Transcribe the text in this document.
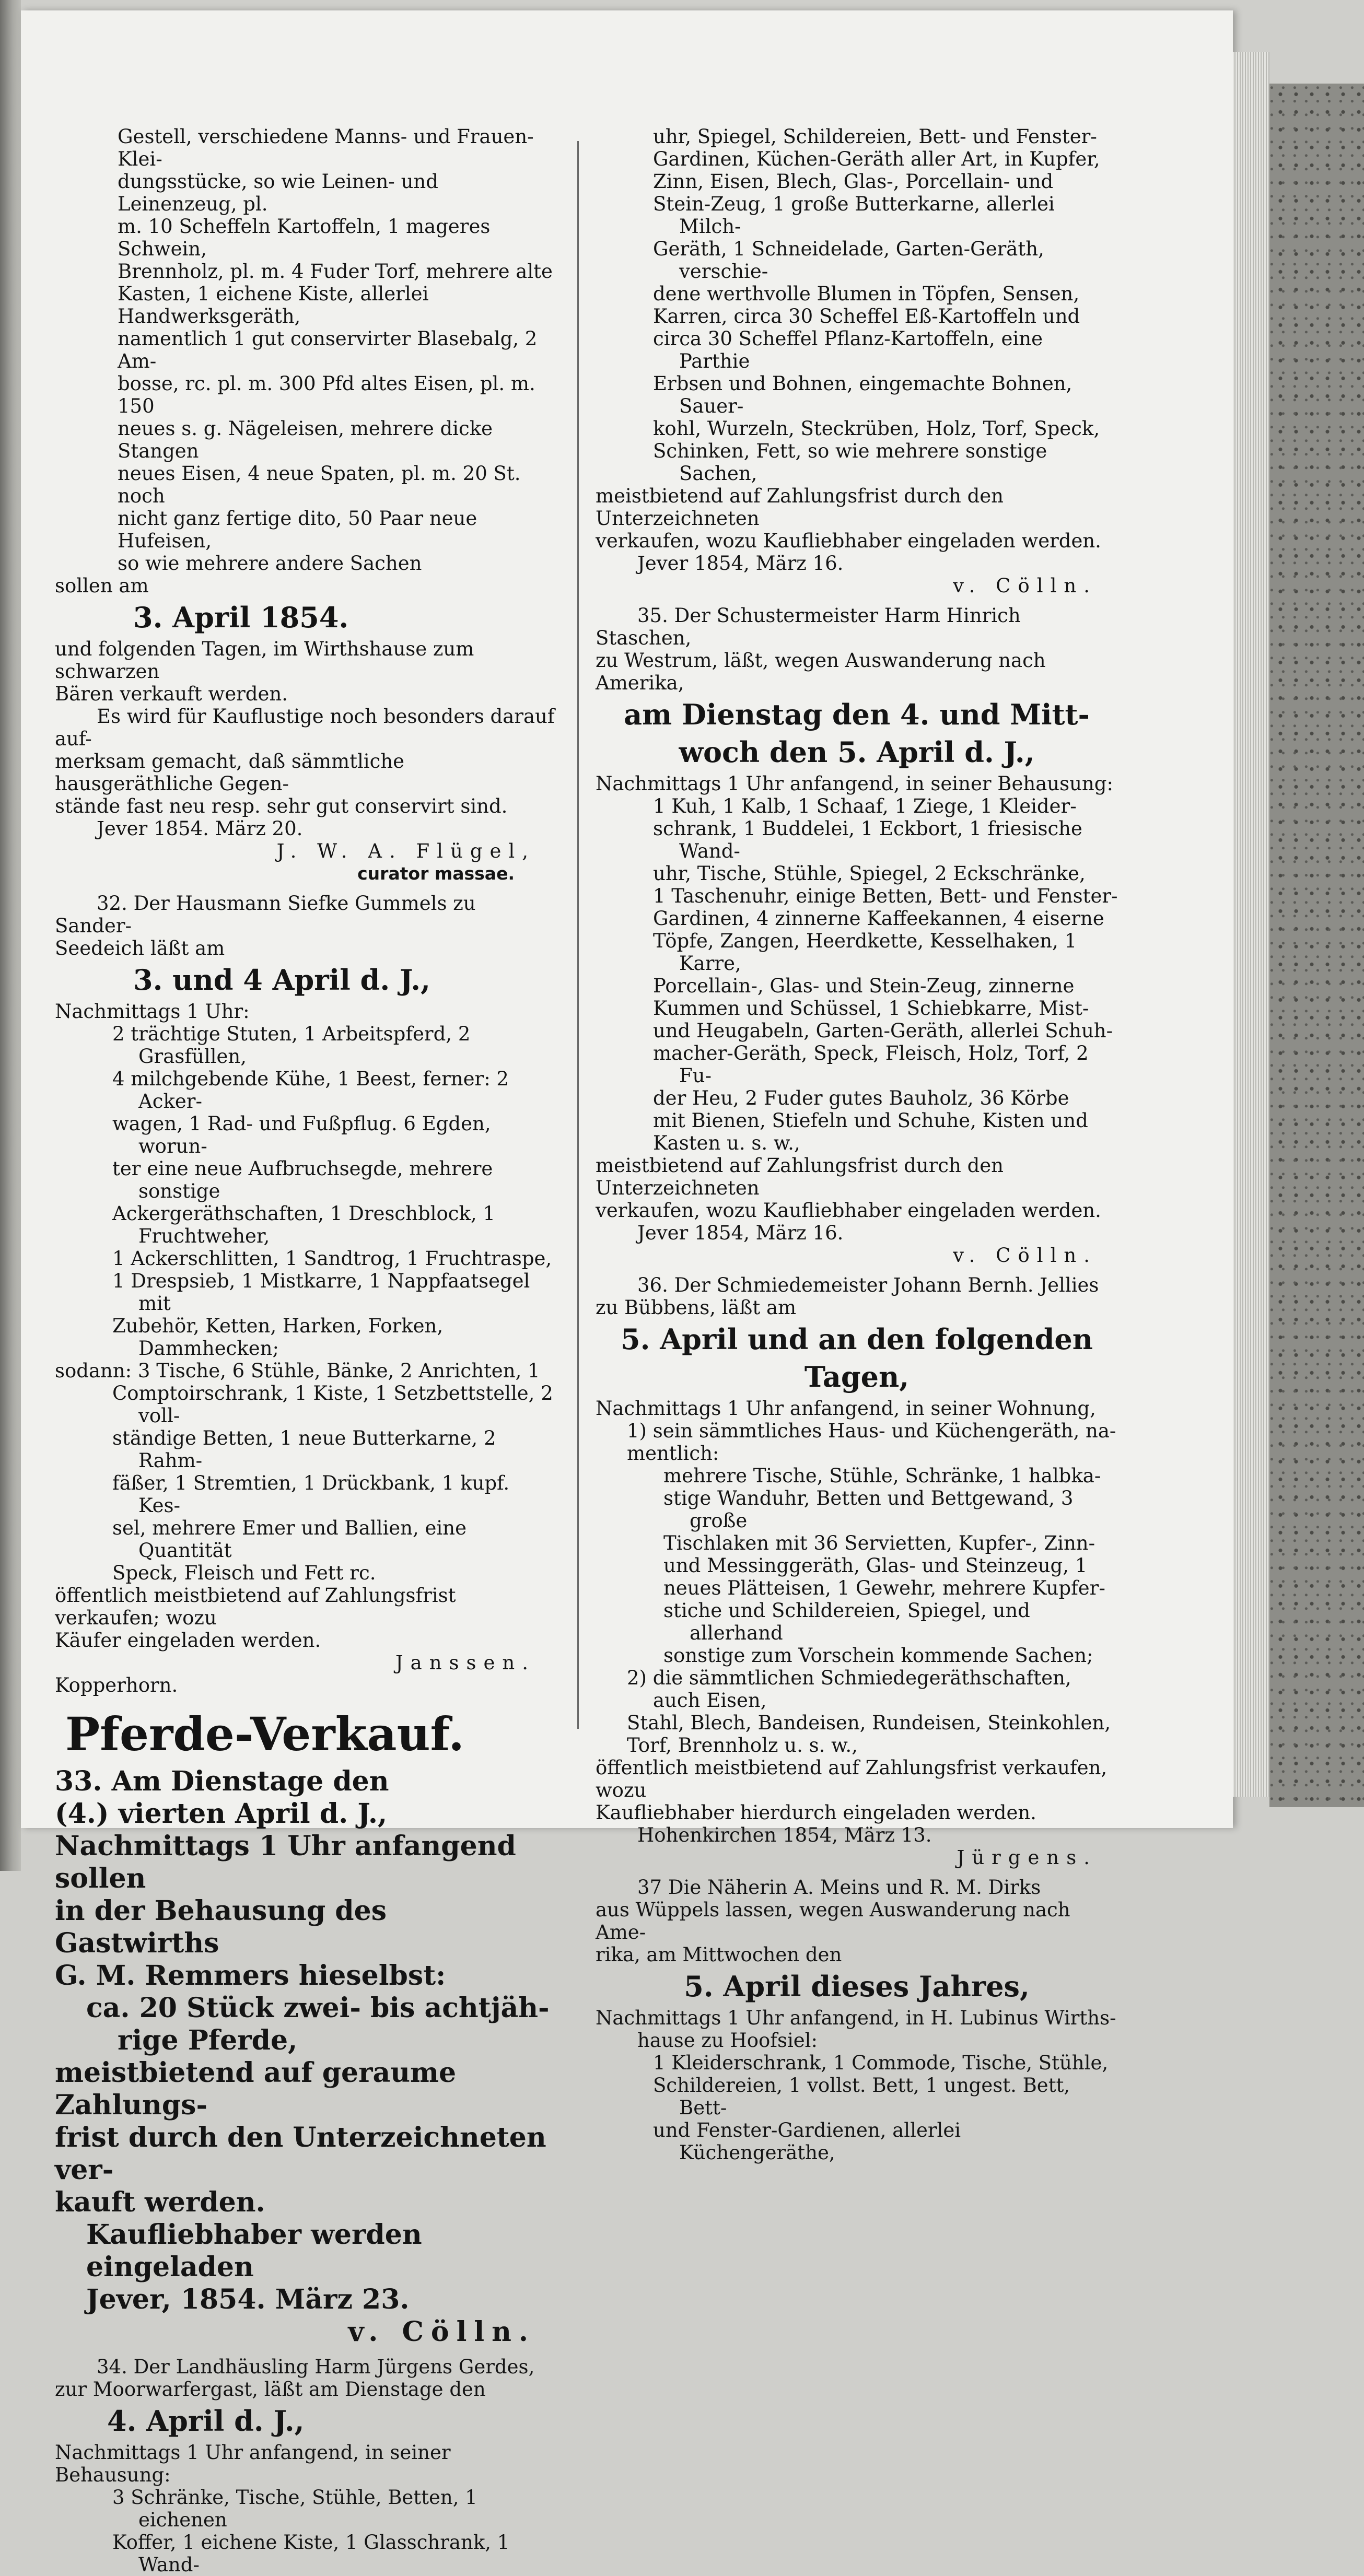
Gestell, verschiedene Manns- und Frauen-Klei-

dungsstücke, so wie Leinen- und Leinenzeug, pl.

m. 10 Scheffeln Kartoffeln, 1 mageres Schwein,

Brennholz, pl. m. 4 Fuder Torf, mehrere alte

Kasten, 1 eichene Kiste, allerlei Handwerksgeräth,

namentlich 1 gut conservirter Blasebalg, 2 Am-

bosse, rc. pl. m. 300 Pfd altes Eisen, pl. m. 150

neues s. g. Nägeleisen, mehrere dicke Stangen

neues Eisen, 4 neue Spaten, pl. m. 20 St. noch

nicht ganz fertige dito, 50 Paar neue Hufeisen,

so wie mehrere andere Sachen

sollen am

3. April 1854.

und folgenden Tagen, im Wirthshause zum schwarzen

Bären verkauft werden.

Es wird für Kauflustige noch besonders darauf auf-

merksam gemacht, daß sämmtliche hausgeräthliche Gegen-

stände fast neu resp. sehr gut conservirt sind.

Jever 1854. März 20.

J. W. A. Flügel,

curator massae.

32. Der Hausmann Siefke Gummels zu Sander-

Seedeich läßt am

3. und 4 April d. J.,

Nachmittags 1 Uhr:

2 trächtige Stuten, 1 Arbeitspferd, 2 Grasfüllen,

4 milchgebende Kühe, 1 Beest, ferner: 2 Acker-

wagen, 1 Rad- und Fußpflug. 6 Egden, worun-

ter eine neue Aufbruchsegde, mehrere sonstige

Ackergeräthschaften, 1 Dreschblock, 1 Fruchtweher,

1 Ackerschlitten, 1 Sandtrog, 1 Fruchtraspe,

1 Drespsieb, 1 Mistkarre, 1 Nappfaatsegel mit

Zubehör, Ketten, Harken, Forken, Dammhecken;

sodann: 3 Tische, 6 Stühle, Bänke, 2 Anrichten, 1

Comptoirschrank, 1 Kiste, 1 Setzbettstelle, 2 voll-

ständige Betten, 1 neue Butterkarne, 2 Rahm-

fäßer, 1 Stremtien, 1 Drückbank, 1 kupf. Kes-

sel, mehrere Emer und Ballien, eine Quantität

Speck, Fleisch und Fett rc.

öffentlich meistbietend auf Zahlungsfrist verkaufen; wozu

Käufer eingeladen werden.

Janssen.

Kopperhorn.

Pferde-Verkauf.

33. Am Dienstage den

(4.) vierten April d. J.,

Nachmittags 1 Uhr anfangend sollen

in der Behausung des Gastwirths

G. M. Remmers hieselbst:

ca. 20 Stück zwei- bis achtjäh-

rige Pferde,

meistbietend auf geraume Zahlungs-

frist durch den Unterzeichneten ver-

kauft werden.

Kaufliebhaber werden eingeladen

Jever, 1854. März 23.

v. Cölln.

34. Der Landhäusling Harm Jürgens Gerdes,

zur Moorwarfergast, läßt am Dienstage den

4. April d. J.,

Nachmittags 1 Uhr anfangend, in seiner Behausung:

3 Schränke, Tische, Stühle, Betten, 1 eichenen

Koffer, 1 eichene Kiste, 1 Glasschrank, 1 Wand-

uhr, Spiegel, Schildereien, Bett- und Fenster-

Gardinen, Küchen-Geräth aller Art, in Kupfer,

Zinn, Eisen, Blech, Glas-, Porcellain- und

Stein-Zeug, 1 große Butterkarne, allerlei Milch-

Geräth, 1 Schneidelade, Garten-Geräth, verschie-

dene werthvolle Blumen in Töpfen, Sensen,

Karren, circa 30 Scheffel Eß-Kartoffeln und

circa 30 Scheffel Pflanz-Kartoffeln, eine Parthie

Erbsen und Bohnen, eingemachte Bohnen, Sauer-

kohl, Wurzeln, Steckrüben, Holz, Torf, Speck,

Schinken, Fett, so wie mehrere sonstige Sachen,

meistbietend auf Zahlungsfrist durch den Unterzeichneten

verkaufen, wozu Kaufliebhaber eingeladen werden.

Jever 1854, März 16.

v. Cölln.

35. Der Schustermeister Harm Hinrich Staschen,

zu Westrum, läßt, wegen Auswanderung nach Amerika,

am Dienstag den 4. und Mitt-

woch den 5. April d. J.,

Nachmittags 1 Uhr anfangend, in seiner Behausung:

1 Kuh, 1 Kalb, 1 Schaaf, 1 Ziege, 1 Kleider-

schrank, 1 Buddelei, 1 Eckbort, 1 friesische Wand-

uhr, Tische, Stühle, Spiegel, 2 Eckschränke,

1 Taschenuhr, einige Betten, Bett- und Fenster-

Gardinen, 4 zinnerne Kaffeekannen, 4 eiserne

Töpfe, Zangen, Heerdkette, Kesselhaken, 1 Karre,

Porcellain-, Glas- und Stein-Zeug, zinnerne

Kummen und Schüssel, 1 Schiebkarre, Mist-

und Heugabeln, Garten-Geräth, allerlei Schuh-

macher-Geräth, Speck, Fleisch, Holz, Torf, 2 Fu-

der Heu, 2 Fuder gutes Bauholz, 36 Körbe

mit Bienen, Stiefeln und Schuhe, Kisten und

Kasten u. s. w.,

meistbietend auf Zahlungsfrist durch den Unterzeichneten

verkaufen, wozu Kaufliebhaber eingeladen werden.

Jever 1854, März 16.

v. Cölln.

36. Der Schmiedemeister Johann Bernh. Jellies

zu Bübbens, läßt am

5. April und an den folgenden

Tagen,

Nachmittags 1 Uhr anfangend, in seiner Wohnung,

1) sein sämmtliches Haus- und Küchengeräth, na-

mentlich:

mehrere Tische, Stühle, Schränke, 1 halbka-

stige Wanduhr, Betten und Bettgewand, 3 große

Tischlaken mit 36 Servietten, Kupfer-, Zinn-

und Messinggeräth, Glas- und Steinzeug, 1

neues Plätteisen, 1 Gewehr, mehrere Kupfer-

stiche und Schildereien, Spiegel, und allerhand

sonstige zum Vorschein kommende Sachen;

2) die sämmtlichen Schmiedegeräthschaften, auch Eisen,

Stahl, Blech, Bandeisen, Rundeisen, Steinkohlen,

Torf, Brennholz u. s. w.,

öffentlich meistbietend auf Zahlungsfrist verkaufen, wozu

Kaufliebhaber hierdurch eingeladen werden.

Hohenkirchen 1854, März 13.

Jürgens.

37 Die Näherin A. Meins und R. M. Dirks

aus Wüppels lassen, wegen Auswanderung nach Ame-

rika, am Mittwochen den

5. April dieses Jahres,

Nachmittags 1 Uhr anfangend, in H. Lubinus Wirths-

hause zu Hoofsiel:

1 Kleiderschrank, 1 Commode, Tische, Stühle,

Schildereien, 1 vollst. Bett, 1 ungest. Bett, Bett-

und Fenster-Gardienen, allerlei Küchengeräthe,
